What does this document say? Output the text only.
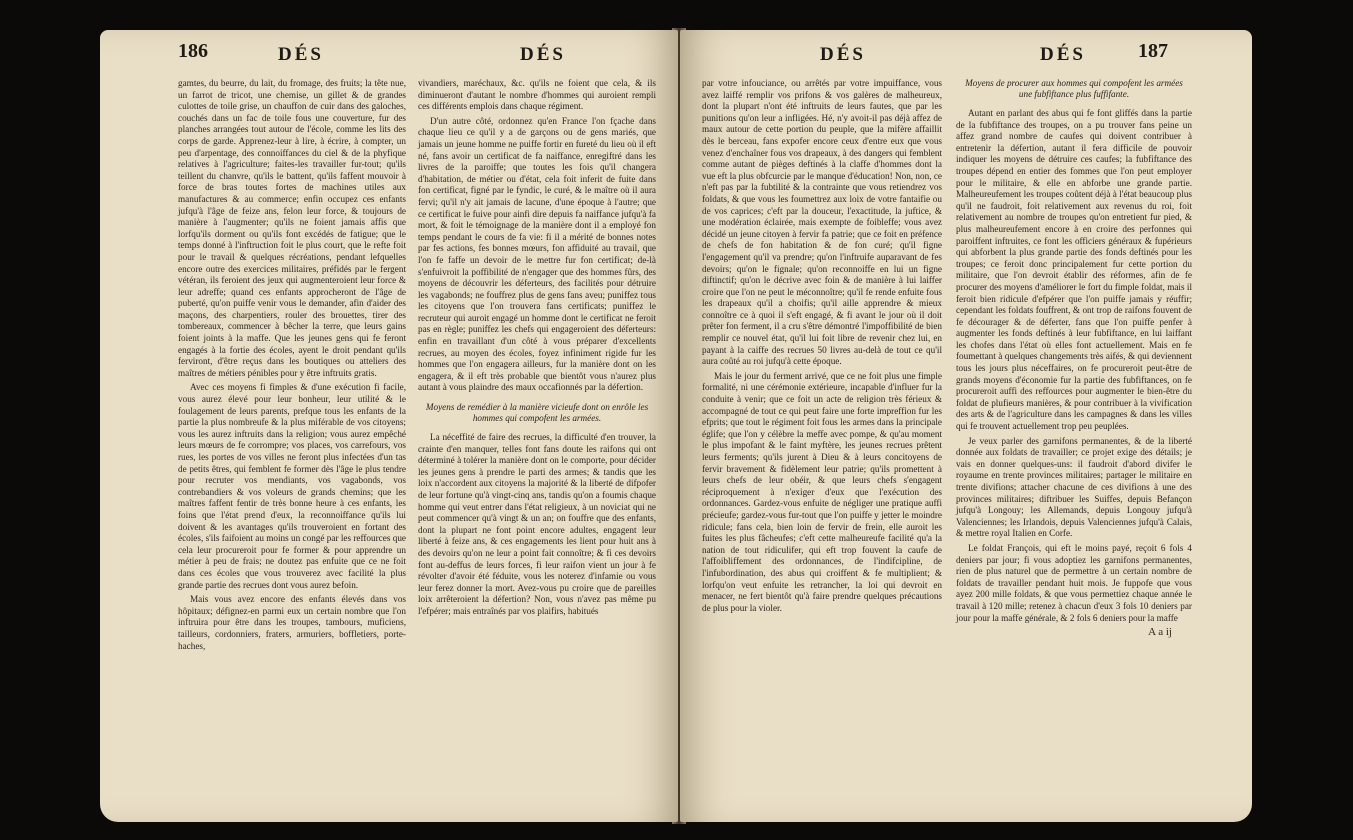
186	DÉS	DÉS

gamtes, du beurre, du lait, du fromage, des fruits; la tête nue, un farrot de tricot, une chemise, un gillet & de grandes culottes de toile grise, un chauffon de cuir dans des galoches, couchés dans un fac de toile fous une couverture, fur des planches arrangées tout autour de l'école, comme les lits des corps de garde. Apprenez-leur à lire, à écrire, à compter, un peu d'arpentage, des connoiffances du ciel & de la phyfique relatives à l'agriculture; faites-les travailler fur-tout; qu'ils teillent du chanvre, qu'ils le battent, qu'ils faffent mouvoir à force de bras toutes fortes de machines utiles aux manufactures & au commerce; enfin occupez ces enfants jufqu'à l'âge de feize ans, felon leur force, & toujours de manière à l'augmenter; qu'ils ne foient jamais affis que lorfqu'ils dorment ou qu'ils font excédés de fatigue; que le temps donné à l'inftruction foit le plus court, que le refte foit pour le travail & quelques récréations, pendant lefquelles encore outre des exercices militaires, préfidés par le fergent vétéran, ils feroient des jeux qui augmenteroient leur force & leur adreffe; quand ces enfants approcheront de l'âge de puberté, qu'on puiffe venir vous le demander, afin d'aider des maçons, des charpentiers, rouler des brouettes, tirer des tombereaux, commencer à bêcher la terre, que leurs gains foient joints à la maffe. Que les jeunes gens qui fe feront engagés à la fortie des écoles, ayent le droit pendant qu'ils ferviront, d'être reçus dans les boutiques ou atteliers des maîtres de métiers pénibles pour y être inftruits gratis.

Avec ces moyens fi fimples & d'une exécution fi facile, vous aurez élevé pour leur bonheur, leur utilité & le foulagement de leurs parents, prefque tous les enfants de la partie la plus nombreufe & la plus miférable de vos citoyens; vous les aurez inftruits dans la religion; vous aurez empêché leurs mœurs de fe corrompre; vos places, vos carrefours, vos rues, les portes de vos villes ne feront plus infectées d'un tas de petits êtres, qui femblent fe former dès l'âge le plus tendre pour recruter vos mendiants, vos vagabonds, vos contrebandiers & vos voleurs de grands chemins; que les maîtres faffent fentir de très bonne heure à ces enfants, les foins que l'état prend d'eux, la reconnoiffance qu'ils lui doivent & les avantages qu'ils trouveroient en fortant des écoles, s'ils faifoient au moins un congé par les reffources que cela leur procureroit pour fe former & pour apprendre un métier à peu de frais; ne doutez pas enfuite que ce ne foit dans ces écoles que vous trouverez avec facilité la plus grande partie des recrues dont vous aurez befoin.

Mais vous avez encore des enfants élevés dans vos hôpitaux; défignez-en parmi eux un certain nombre que l'on inftruira pour être dans les troupes, tambours, muficiens, tailleurs, cordonniers, fraters, armuriers, boffletiers, porte-haches,

vivandiers, maréchaux, &c. qu'ils ne foient que cela, & ils diminueront d'autant le nombre d'hommes qui auroient rempli ces différents emplois dans chaque régiment.

D'un autre côté, ordonnez qu'en France l'on fçache dans chaque lieu ce qu'il y a de garçons ou de gens mariés, que jamais un jeune homme ne puiffe fortir en fureté du lieu où il eft né, fans avoir un certificat de fa naiffance, enregiftré dans les livres de la paroiffe; que toutes les fois qu'il changera d'habitation, de métier ou d'état, cela foit inferit de fuite dans fon certificat, figné par le fyndic, le curé, & le maître où il aura fervi; qu'il n'y ait jamais de lacune, d'une époque à l'autre; que ce certificat le fuive pour ainfi dire depuis fa naiffance jufqu'à fa mort, & foit le témoignage de la manière dont il a employé fon temps pendant le cours de fa vie: fi il a mérité de bonnes notes par fes actions, fes bonnes mœurs, fon affiduité au travail, que l'on fe faffe un devoir de le mettre fur fon certificat; de-là s'enfuivroit la poffibilité de n'engager que des hommes fûrs, des moyens de découvrir les déferteurs, des facilités pour détruire les vagabonds; ne fouffrez plus de gens fans aveu; puniffez tous les citoyens que l'on trouvera fans certificats; puniffez le recruteur qui auroit engagé un homme dont le certificat ne feroit pas en règle; puniffez les chefs qui engageroient des déferteurs: enfin en travaillant d'un côté à vous préparer d'excellents recrues, au moyen des écoles, foyez infiniment rigide fur les hommes que l'on engagera ailleurs, fur la manière dont on les engagera, & il eft très probable que bientôt vous n'aurez plus autant à vous plaindre des maux occafionnés par la défertion.

Moyens de remédier à la manière vicieufe dont on enrôle les hommes qui compofent les armées.

La néceffité de faire des recrues, la difficulté d'en trouver, la crainte d'en manquer, telles font fans doute les raifons qui ont déterminé à tolérer la manière dont on le comporte, pour décider les jeunes gens à prendre le parti des armes; & tandis que les loix n'accordent aux citoyens la majorité & la liberté de difpofer de leur fortune qu'à vingt-cinq ans, tandis qu'on a foumis chaque homme qui veut entrer dans l'état religieux, à un noviciat qui ne peut commencer qu'à vingt & un an; on fouffre que des enfants, dont la plupart ne font point encore adultes, engagent leur liberté à feize ans, & ces engagements les lient pour huit ans à des devoirs qu'on ne leur a point fait connoître; & fi ces devoirs font au-deffus de leurs forces, fi leur raifon vient un jour à fe révolter d'avoir été féduite, vous les noterez d'infamie ou vous leur ferez donner la mort. Avez-vous pu croire que de pareilles loix arrêteroient la défertion? Non, vous n'avez pas même pu l'efpérer; mais entraînés par vos plaifirs, habitués

DÉS	DÉS	187

par votre infouciance, ou arrêtés par votre impuiffance, vous avez laiffé remplir vos prifons & vos galères de malheureux, dont la plupart n'ont été inftruits de leurs fautes, que par les punitions qu'on leur a infligées. Hé, n'y avoit-il pas déjà affez de maux autour de cette portion du peuple, que la mifère affaillit dès le berceau, fans expofer encore ceux d'entre eux que vous venez d'enchaîner fous vos drapeaux, à des dangers qui femblent comme autant de pièges deftinés à la claffe d'hommes dont la vue eft la plus obfcurcie par le manque d'éducation! Non, non, ce n'eft pas par la fubtilité & la contrainte que vous retiendrez vos foldats, & que vous les foumettrez aux loix de votre fantaifie ou de vos caprices; c'eft par la douceur, l'exactitude, la juftice, & une modération éclairée, mais exempte de foibleffe; vous avez décidé un jeune citoyen à fervir fa patrie; que ce foit en préfence de chefs de fon habitation & de fon curé; qu'il figne l'engagement qu'il va prendre; qu'on l'inftruife auparavant de fes devoirs; qu'on le fignale; qu'on reconnoiffe en lui un figne diftinctif; qu'on le décrive avec foin & de manière à lui laiffer croire que l'on ne peut le méconnoître; qu'il fe rende enfuite fous les drapeaux qu'il a choifis; qu'il aille apprendre & mieux connoître ce à quoi il s'eft engagé, & fi avant le jour où il doit prêter fon ferment, il a cru s'être démontré l'impoffibilité de bien remplir ce nouvel état, qu'il lui foit libre de revenir chez lui, en payant à la caiffe des recrues 50 livres au-delà de tout ce qu'il aura coûté au roi jufqu'à cette époque.

Mais le jour du ferment arrivé, que ce ne foit plus une fimple formalité, ni une cérémonie extérieure, incapable d'influer fur la conduite à venir; que ce foit un acte de religion très férieux & accompagné de tout ce qui peut faire une forte impreffion fur les efprits; que tout le régiment foit fous les armes dans la principale églife; que l'on y célèbre la meffe avec pompe, & qu'au moment le plus impofant & le faint myftère, les jeunes recrues prêtent leurs ferments; qu'ils jurent à Dieu & à leurs concitoyens de fervir bravement & fidèlement leur patrie; qu'ils promettent à leurs chefs de leur obéir, & que leurs chefs s'engagent réciproquement à n'exiger d'eux que l'exécution des ordonnances. Gardez-vous enfuite de négliger une pratique auffi précieufe; gardez-vous fur-tout que l'on puiffe y jetter le moindre ridicule; fans cela, bien loin de fervir de frein, elle auroit les fuites les plus fâcheufes; c'eft cette malheureufe facilité qu'a la nation de tout ridiculifer, qui eft trop fouvent la caufe de l'affoibliffement des ordonnances, de l'indifcipline, de l'infubordination, des abus qui croiffent & fe multiplient; & lorfqu'on veut enfuite les retrancher, la loi qui devroit en menacer, ne fert bientôt qu'à faire prendre quelques précautions de plus pour la violer.

Moyens de procurer aux hommes qui compofent les armées une fubfiftance plus fuffifante.

Autant en parlant des abus qui fe font gliffés dans la partie de la fubfiftance des troupes, on a pu trouver fans peine un affez grand nombre de caufes qui doivent contribuer à entretenir la défertion, autant il fera difficile de pouvoir indiquer les moyens de détruire ces caufes; la fubfiftance des troupes dépend en entier des fommes que l'on peut employer pour le militaire, & elle en abforbe une grande partie. Malheureufement les troupes coûtent déjà à l'état beaucoup plus qu'il ne faudroit, foit relativement aux revenus du roi, foit relativement au nombre de troupes qu'on entretient fur pied, & plus malheureufement encore à en croire des perfonnes qui paroiffent inftruites, ce font les officiers généraux & fupérieurs qui abforbent la plus grande partie des fonds deftinés pour les troupes; ce feroit donc principalement fur cette portion du militaire, que l'on devroit établir des réformes, afin de fe procurer des moyens d'améliorer le fort du fimple foldat, mais il feroit bien ridicule d'efpérer que l'on puiffe jamais y réuffir; cependant les foldats fouffrent, & ont trop de raifons fouvent de fe décourager & de déferter, fans que l'on puiffe penfer à augmenter les fonds deftinés à leur fubfiftance, en lui laiffant les chofes dans l'état où elles font actuellement. Mais en fe foumettant à quelques changements très aifés, & qui deviennent tous les jours plus néceffaires, on fe procureroit peut-être de grands moyens d'économie fur la partie des fubfiftances, on fe procureroit auffi des reffources pour augmenter le bien-être du foldat de plufieurs manières, & pour contribuer à la vivification des arts & de l'agriculture dans les campagnes & dans les villes qui fe trouvent actuellement trop peu peuplées.

Je veux parler des garnifons permanentes, & de la liberté donnée aux foldats de travailler; ce projet exige des détails; je vais en donner quelques-uns: il faudroit d'abord divifer le royaume en trente provinces militaires; partager le militaire en trente divifions; attacher chacune de ces divifions à une des provinces militaires; diftribuer les Suiffes, depuis Befançon jufqu'à Longouy; les Allemands, depuis Longouy jufqu'à Valenciennes; les Irlandois, depuis Valenciennes jufqu'à Calais, & mettre royal Italien en Corfe.

Le foldat François, qui eft le moins payé, reçoit 6 fols 4 deniers par jour; fi vous adoptiez les garnifons permanentes, rien de plus naturel que de permettre à un certain nombre de foldats de travailler pendant huit mois. Je fuppofe que vous ayez 200 mille foldats, & que vous permettiez chaque année le travail à 120 mille; retenez à chacun d'eux 3 fols 10 deniers par jour pour la maffe générale, & 2 fols 6 deniers pour la maffe

A a ij
